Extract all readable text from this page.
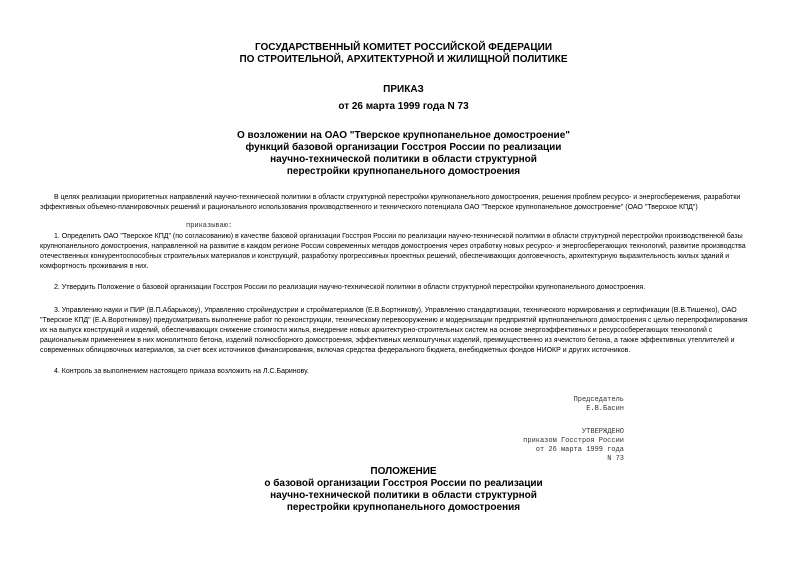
ГОСУДАРСТВЕННЫЙ КОМИТЕТ РОССИЙСКОЙ ФЕДЕРАЦИИ
ПО СТРОИТЕЛЬНОЙ, АРХИТЕКТУРНОЙ И ЖИЛИЩНОЙ ПОЛИТИКЕ
ПРИКАЗ
от 26 марта 1999 года N 73
О возложении на ОАО "Тверское крупнопанельное домостроение"
функций базовой организации Госстроя России по реализации
научно-технической политики в области структурной
перестройки крупнопанельного домостроения
В целях реализации приоритетных направлений научно-технической политики в области структурной перестройки крупнопанельного домостроения, решения проблем ресурсо- и энергосбережения, разработки
эффективных объемно-планировочных решений и рационального использования производственного и технического потенциала ОАО "Тверское крупнопанельное домостроение" (ОАО "Тверское КПД")
приказываю:
1. Определить ОАО "Тверское КПД" (по согласованию) в качестве базовой организации Госстроя России по реализации научно-технической политики в области структурной перестройки производственной базы
крупнопанельного домостроения, направленной на развитие в каждом регионе России современных методов домостроения через отработку новых ресурсо- и энергосберегающих технологий, развитие производства
отечественных конкурентоспособных строительных материалов и конструкций, разработку прогрессивных проектных решений, обеспечивающих долговечность, архитектурную выразительность жилых зданий и
комфортность проживания в них.
2. Утвердить Положение о базовой организации Госстроя России по реализации научно-технической политики в области структурной перестройки крупнопанельного домостроения.
3. Управлению науки и ПИР (В.П.Абарыкову), Управлению стройиндустрии и стройматериалов (Е.В.Бортникову), Управлению стандартизации, технического нормирования и сертификации (В.В.Тишенко), ОАО
"Тверское КПД" (Е.А.Воротникову) предусматривать выполнение работ по реконструкции, техническому перевооружению и модернизации предприятий крупнопанельного домостроения с целью перепрофилирования
их на выпуск конструкций и изделий, обеспечивающих снижение стоимости жилья, внедрение новых архитектурно-строительных систем на основе энергоэффективных и ресурсосберегающих технологий с
рациональным применением в них монолитного бетона, изделий полносборного домостроения, эффективных мелкоштучных изделий, преимущественно из ячеистого бетона, а также эффективных утеплителей и
современных облицовочных материалов, за счет всех источников финансирования, включая средства федерального бюджета, внебюджетных фондов НИОКР и других источников.
4. Контроль за выполнением настоящего приказа возложить на Л.С.Баринову.
Председатель
Е.В.Басин
УТВЕРЖДЕНО
приказом Госстроя России
от 26 марта 1999 года
N 73
ПОЛОЖЕНИЕ
о базовой организации Госстроя России по реализации
научно-технической политики в области структурной
перестройки крупнопанельного домостроения
